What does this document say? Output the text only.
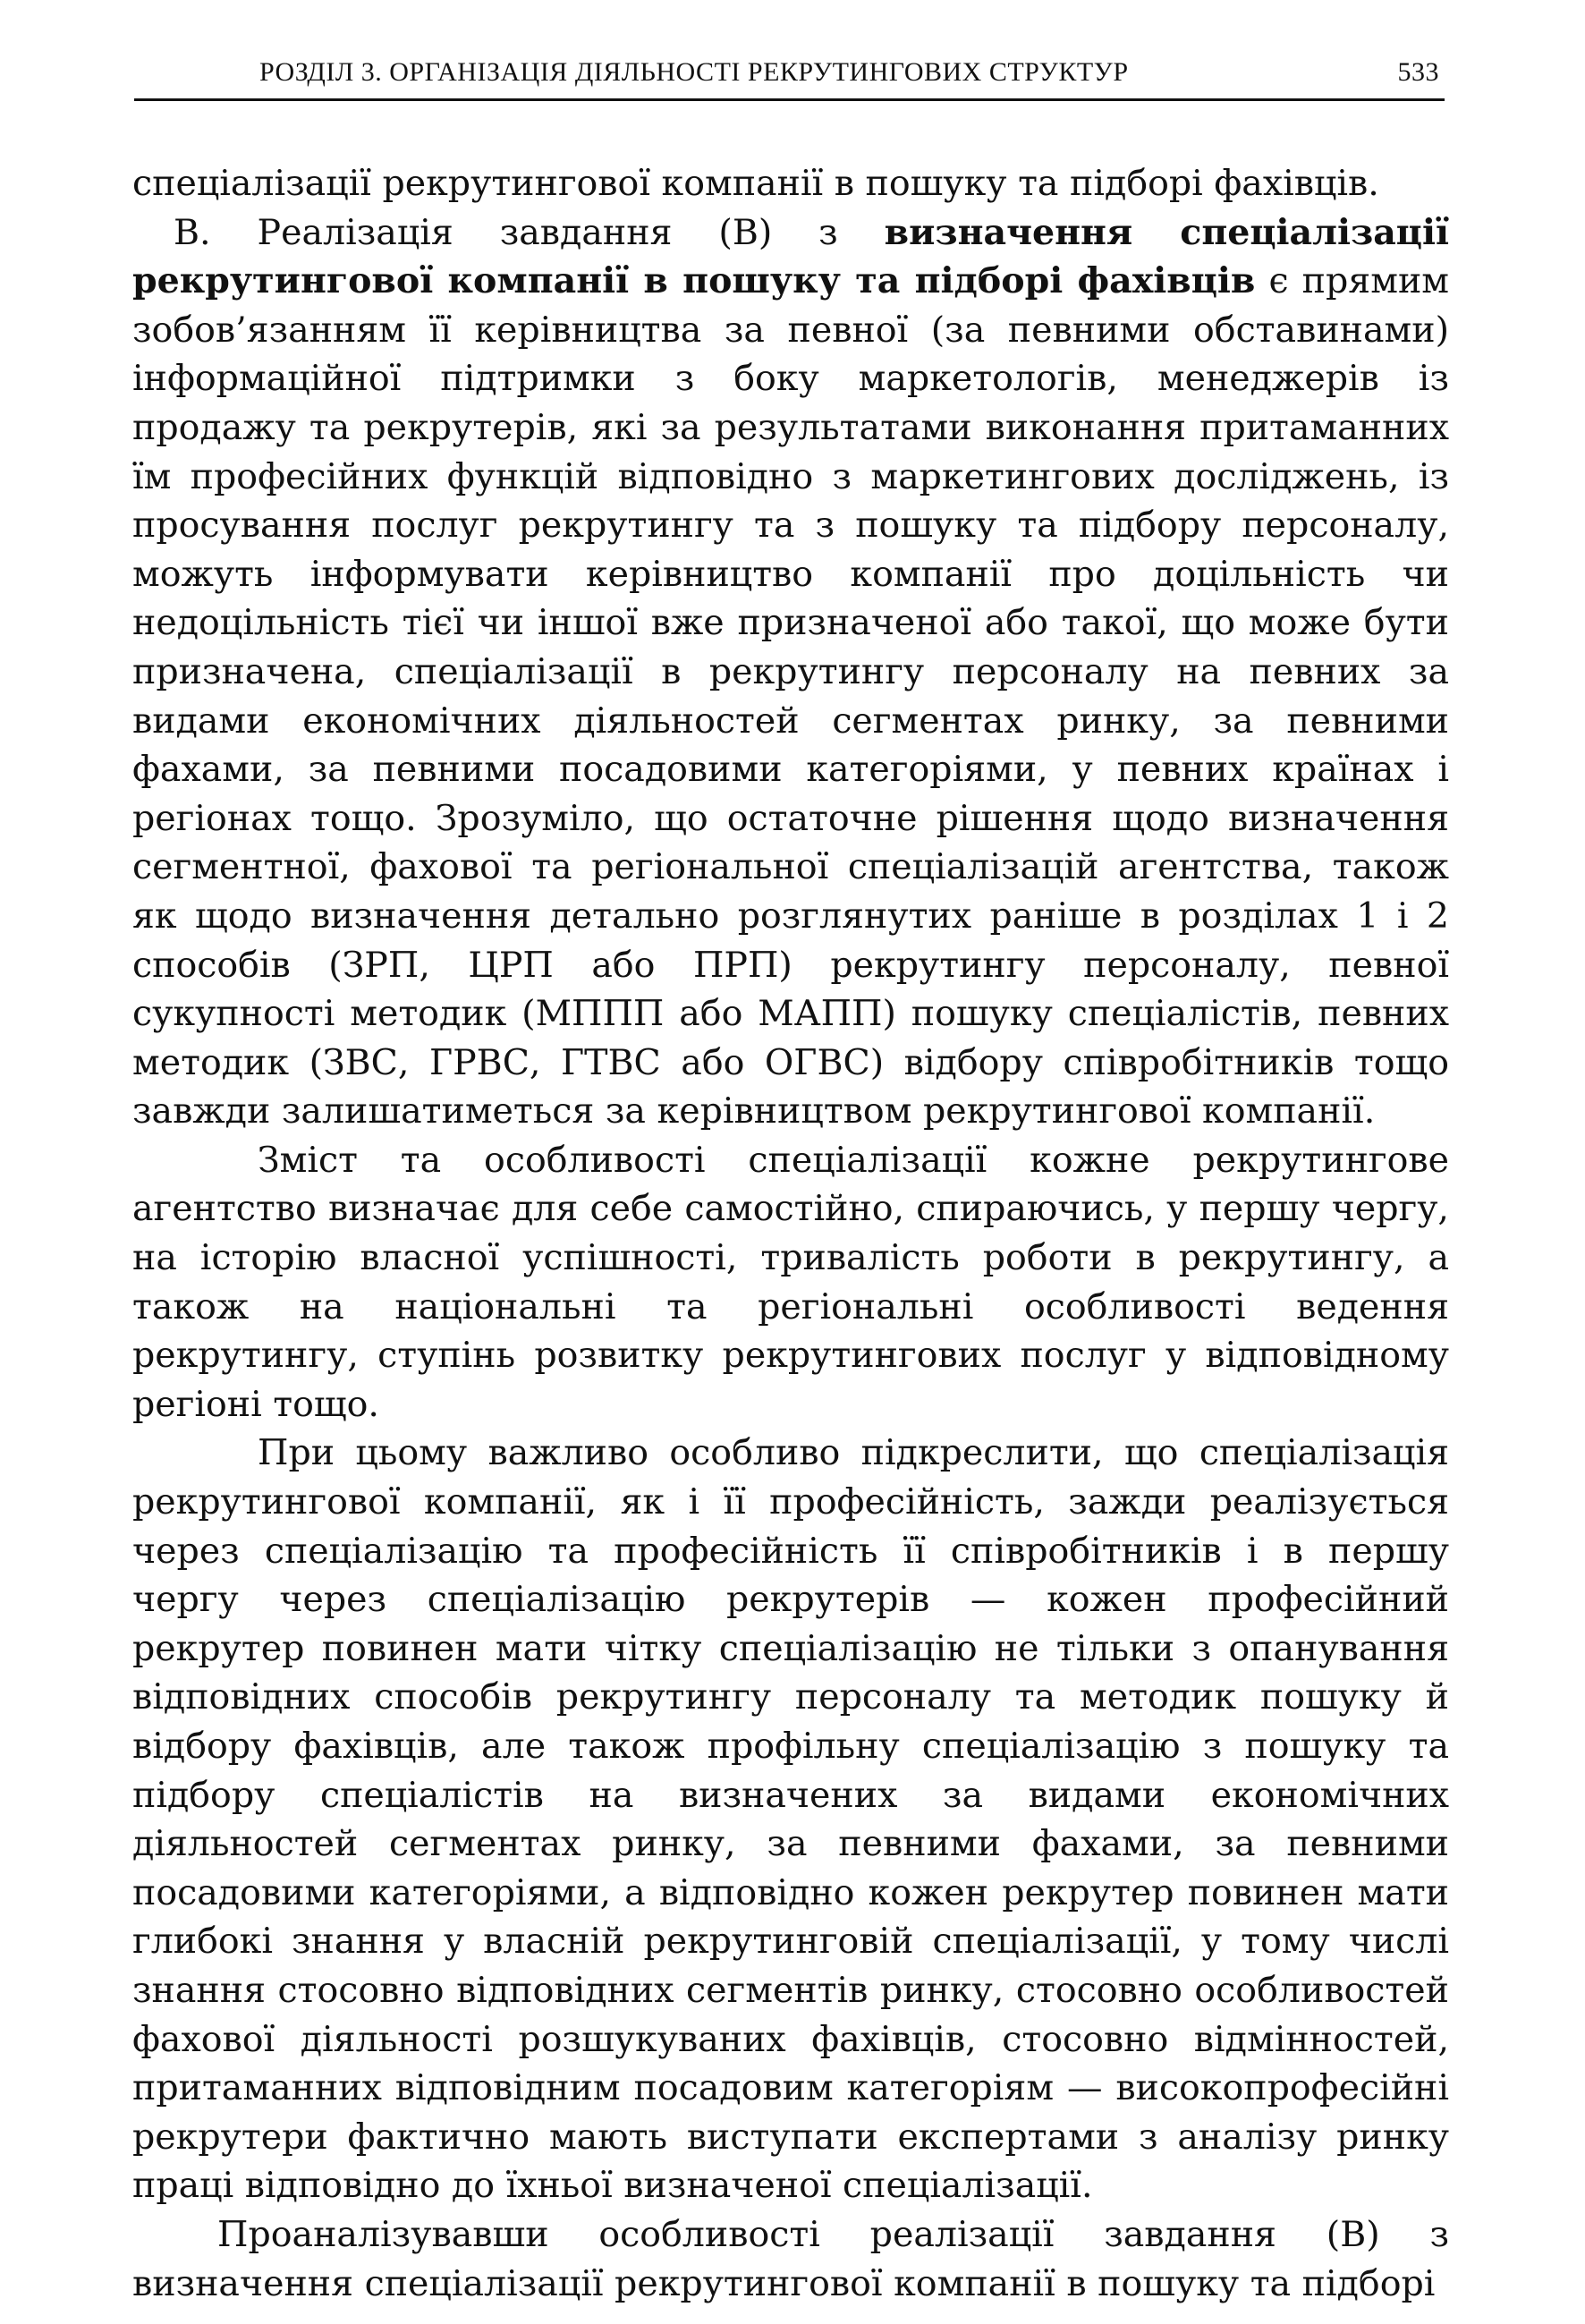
РОЗДІЛ 3. ОРГАНІЗАЦІЯ ДІЯЛЬНОСТІ РЕКРУТИНГОВИХ СТРУКТУР	533

спеціалізації рекрутингової компанії в пошуку та підборі фахівців.

В. Реалізація завдання (В) з визначення спеціалізації рекрутингової компанії в пошуку та підборі фахівців є прямим зобов’язанням її керівництва за певної (за певними обставинами) інформаційної підтримки з боку маркетологів, менеджерів із продажу та рекрутерів, які за результатами виконання притаманних їм професійних функцій відповідно з маркетингових досліджень, із просування послуг рекрутингу та з пошуку та підбору персоналу, можуть інформувати керівництво компанії про доцільність чи недоцільність тієї чи іншої вже призначеної або такої, що може бути призначена, спеціалізації в рекрутингу персоналу на певних за видами економічних діяльностей сегментах ринку, за певними фахами, за певними посадовими категоріями, у певних країнах і регіонах тощо. Зрозуміло, що остаточне рішення щодо визначення сегментної, фахової та регіональної спеціалізацій агентства, також як щодо визначення детально розглянутих раніше в розділах 1 і 2 способів (ЗРП, ЦРП або ПРП) рекрутингу персоналу, певної сукупності методик (МППП або МАПП) пошуку спеціалістів, певних методик (ЗВС, ГРВС, ГТВС або ОГВС) відбору співробітників тощо завжди залишатиметься за керівництвом рекрутингової компанії.

Зміст та особливості спеціалізації кожне рекрутингове агентство визначає для себе самостійно, спираючись, у першу чергу, на історію власної успішності, тривалість роботи в рекрутингу, а також на національні та регіональні особливості ведення рекрутингу, ступінь розвитку рекрутингових послуг у відповідному регіоні тощо.

При цьому важливо особливо підкреслити, що спеціалізація рекрутингової компанії, як і її професійність, зажди реалізується через спеціалізацію та професійність її співробітників і в першу чергу через спеціалізацію рекрутерів — кожен професійний рекрутер повинен мати чітку спеціалізацію не тільки з опанування відповідних способів рекрутингу персоналу та методик пошуку й відбору фахівців, але також профільну спеціалізацію з пошуку та підбору спеціалістів на визначених за видами економічних діяльностей сегментах ринку, за певними фахами, за певними посадовими категоріями, а відповідно кожен рекрутер повинен мати глибокі знання у власній рекрутинговій спеціалізації, у тому числі знання стосовно відповідних сегментів ринку, стосовно особливостей фахової діяльності розшукуваних фахівців, стосовно відмінностей, притаманних відповідним посадовим категоріям — високопрофесійні рекрутери фактично мають виступати експертами з аналізу ринку праці відповідно до їхньої визначеної спеціалізації.

Проаналізувавши особливості реалізації завдання (В) з визначення спеціалізації рекрутингової компанії в пошуку та підборі
